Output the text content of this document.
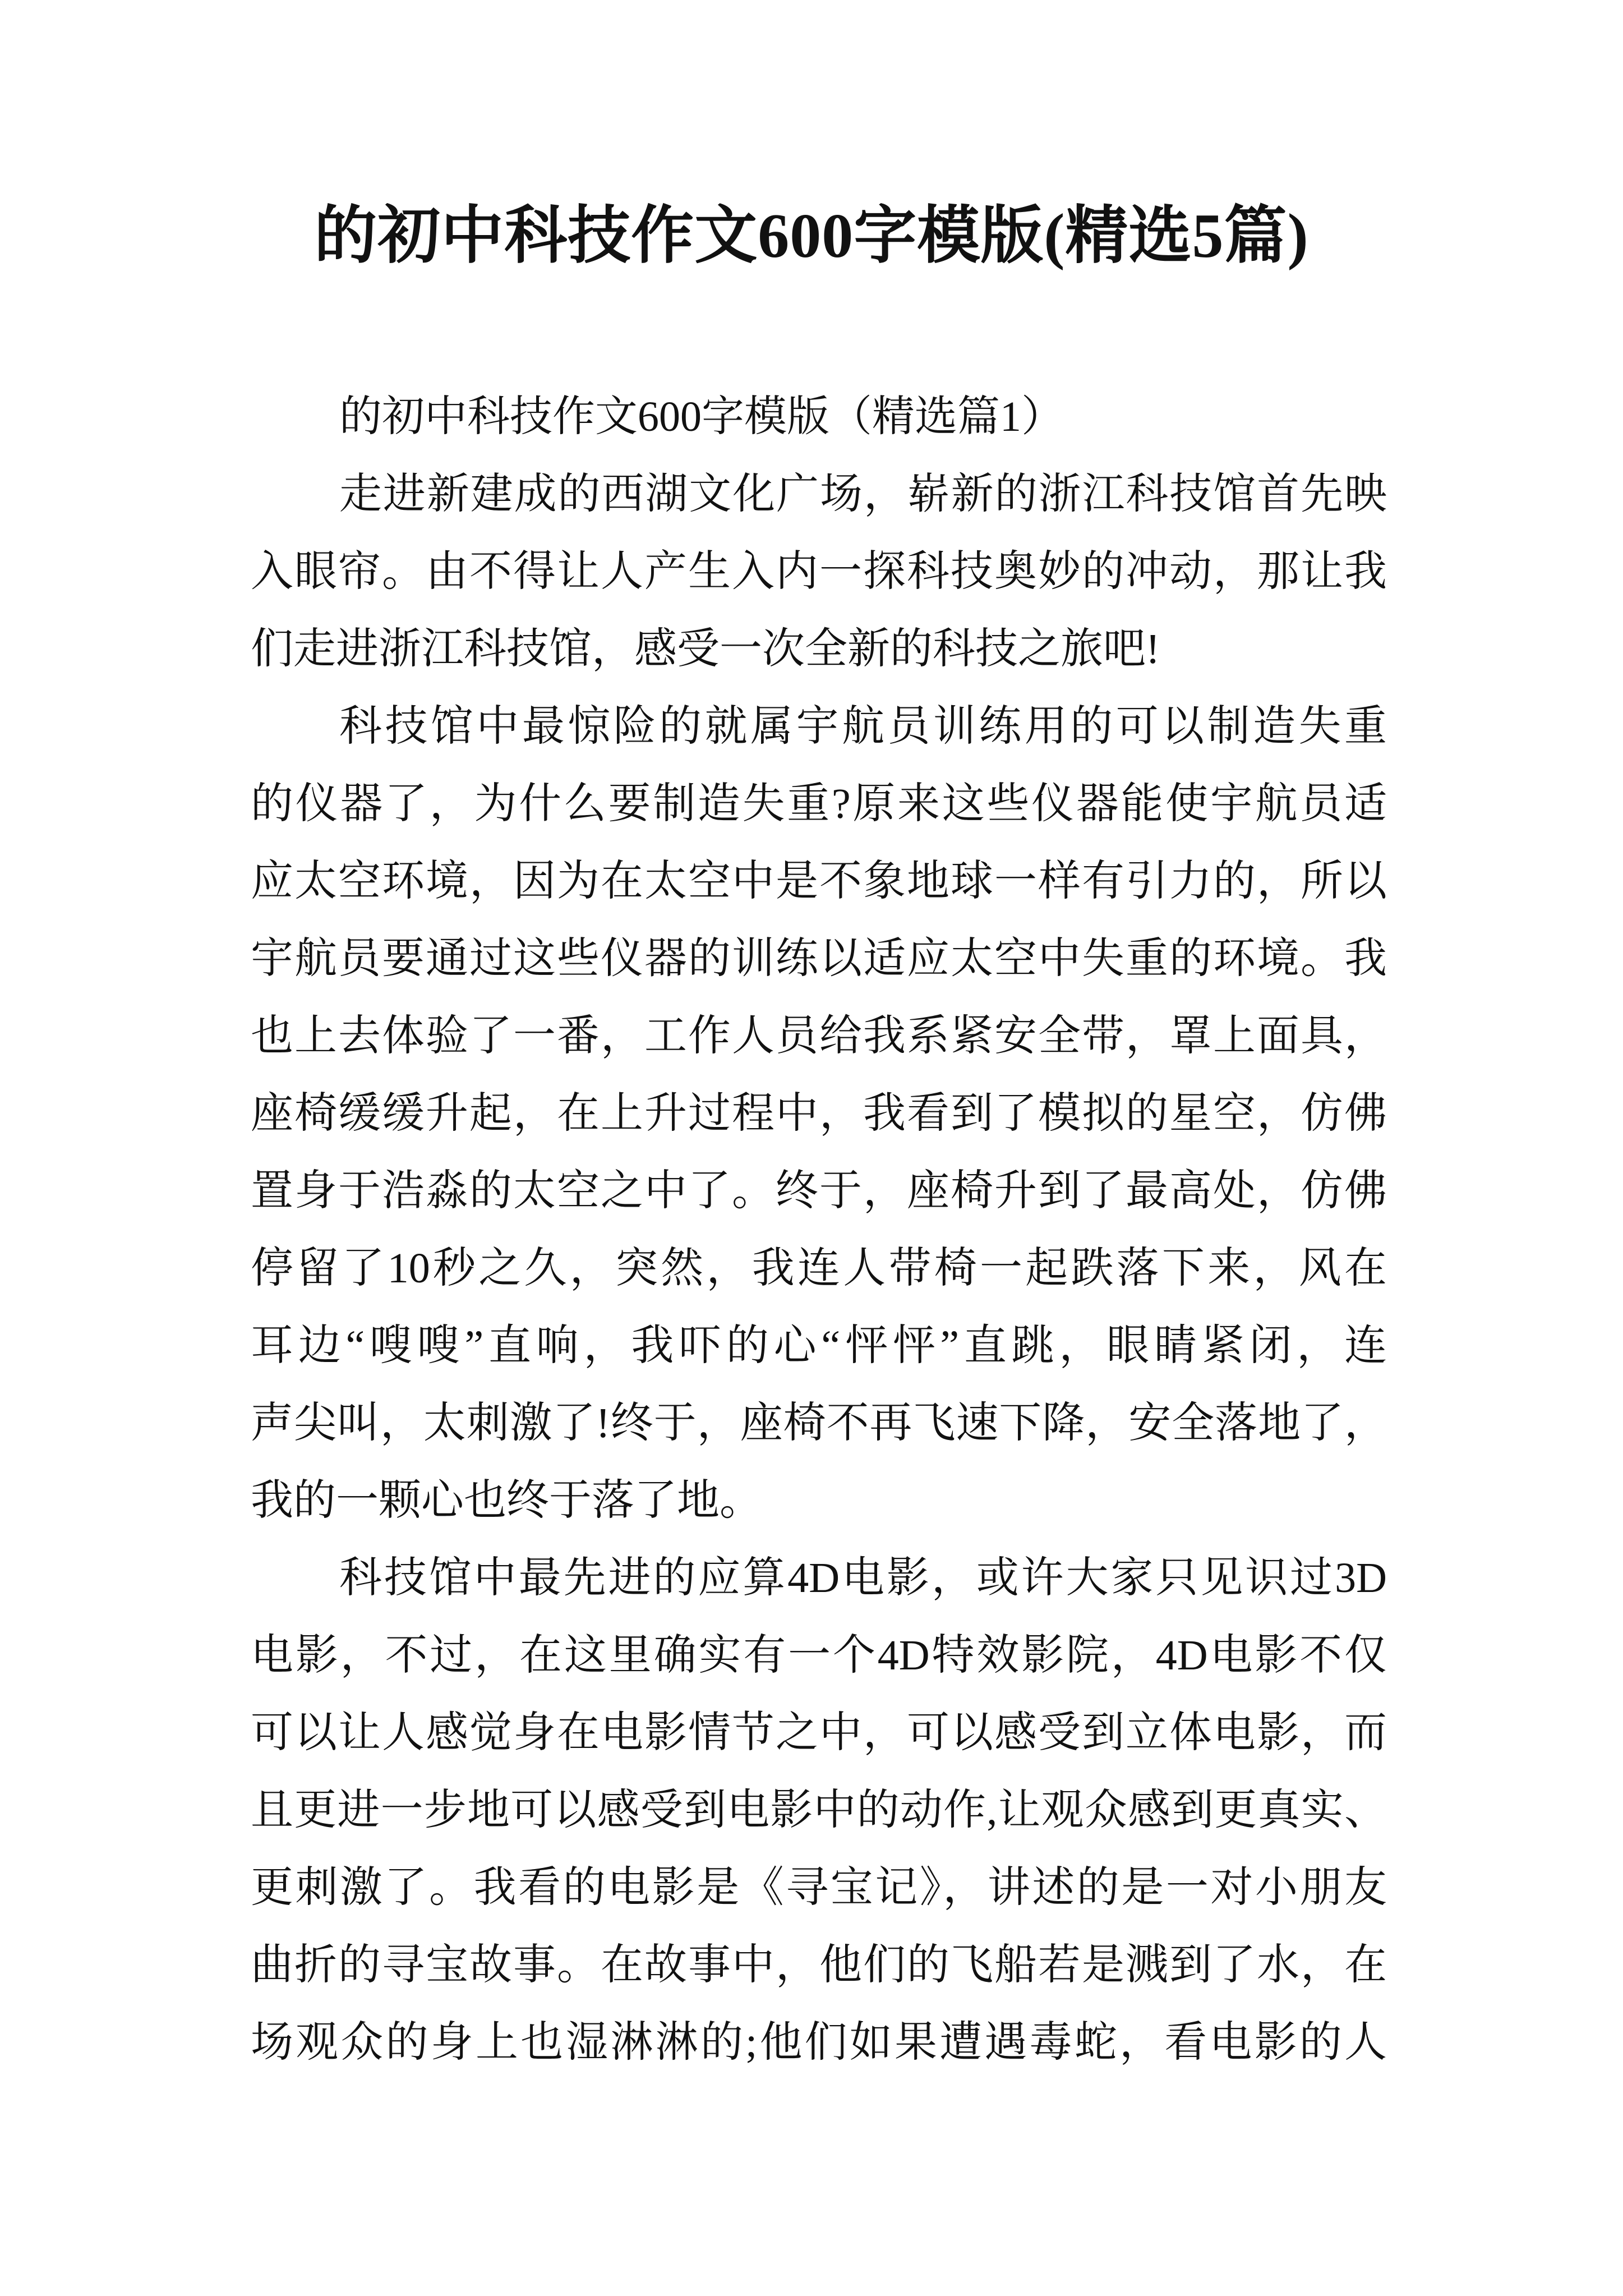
的初中科技作文600字模版(精选5篇)
的初中科技作文600字模版（精选篇1）
走进新建成的西湖文化广场，崭新的浙江科技馆首先映
入眼帘。由不得让人产生入内一探科技奥妙的冲动，那让我
们走进浙江科技馆，感受一次全新的科技之旅吧!
科技馆中最惊险的就属宇航员训练用的可以制造失重
的仪器了，为什么要制造失重?原来这些仪器能使宇航员适
应太空环境，因为在太空中是不象地球一样有引力的，所以
宇航员要通过这些仪器的训练以适应太空中失重的环境。我
也上去体验了一番，工作人员给我系紧安全带，罩上面具，
座椅缓缓升起，在上升过程中，我看到了模拟的星空，仿佛
置身于浩淼的太空之中了。终于，座椅升到了最高处，仿佛
停留了10秒之久，突然，我连人带椅一起跌落下来，风在
耳边“嗖嗖”直响，我吓的心“怦怦”直跳，眼睛紧闭，连
声尖叫，太刺激了!终于，座椅不再飞速下降，安全落地了，
我的一颗心也终于落了地。
科技馆中最先进的应算4D电影，或许大家只见识过3D
电影，不过，在这里确实有一个4D特效影院，4D电影不仅
可以让人感觉身在电影情节之中，可以感受到立体电影，而
且更进一步地可以感受到电影中的动作,让观众感到更真实、
更刺激了。我看的电影是《寻宝记》，讲述的是一对小朋友
曲折的寻宝故事。在故事中，他们的飞船若是溅到了水，在
场观众的身上也湿淋淋的;他们如果遭遇毒蛇，看电影的人
